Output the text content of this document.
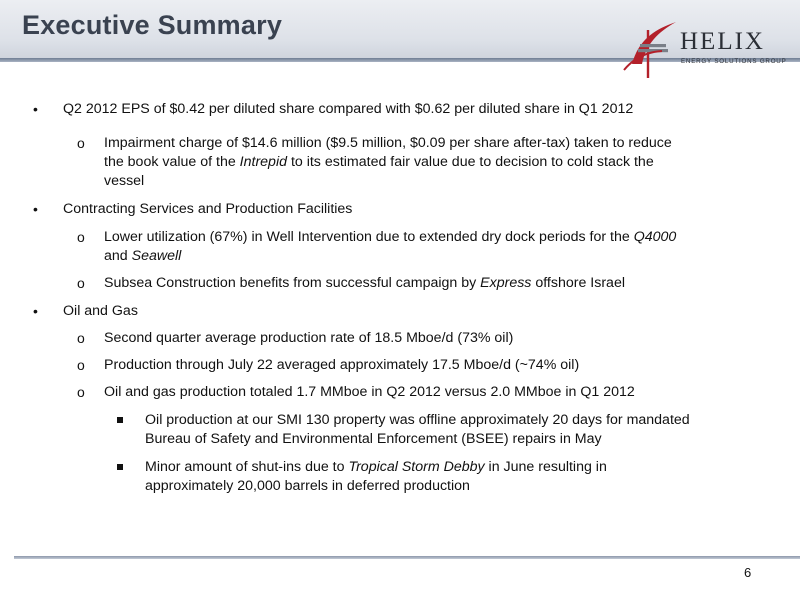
Executive Summary
HELIX
ENERGY SOLUTIONS GROUP
• Q2 2012 EPS of $0.42 per diluted share compared with $0.62 per diluted share in Q1 2012
o Impairment charge of $14.6 million ($9.5 million, $0.09 per share after-tax) taken to reduce
the book value of the Intrepid to its estimated fair value due to decision to cold stack the
vessel
• Contracting Services and Production Facilities
o Lower utilization (67%) in Well Intervention due to extended dry dock periods for the Q4000
and Seawell
o Subsea Construction benefits from successful campaign by Express offshore Israel
• Oil and Gas
o Second quarter average production rate of 18.5 Mboe/d (73% oil)
o Production through July 22 averaged approximately 17.5 Mboe/d (~74% oil)
o Oil and gas production totaled 1.7 MMboe in Q2 2012 versus 2.0 MMboe in Q1 2012
Oil production at our SMI 130 property was offline approximately 20 days for mandated
Bureau of Safety and Environmental Enforcement (BSEE) repairs in May
Minor amount of shut-ins due to Tropical Storm Debby in June resulting in
approximately 20,000 barrels in deferred production
6
